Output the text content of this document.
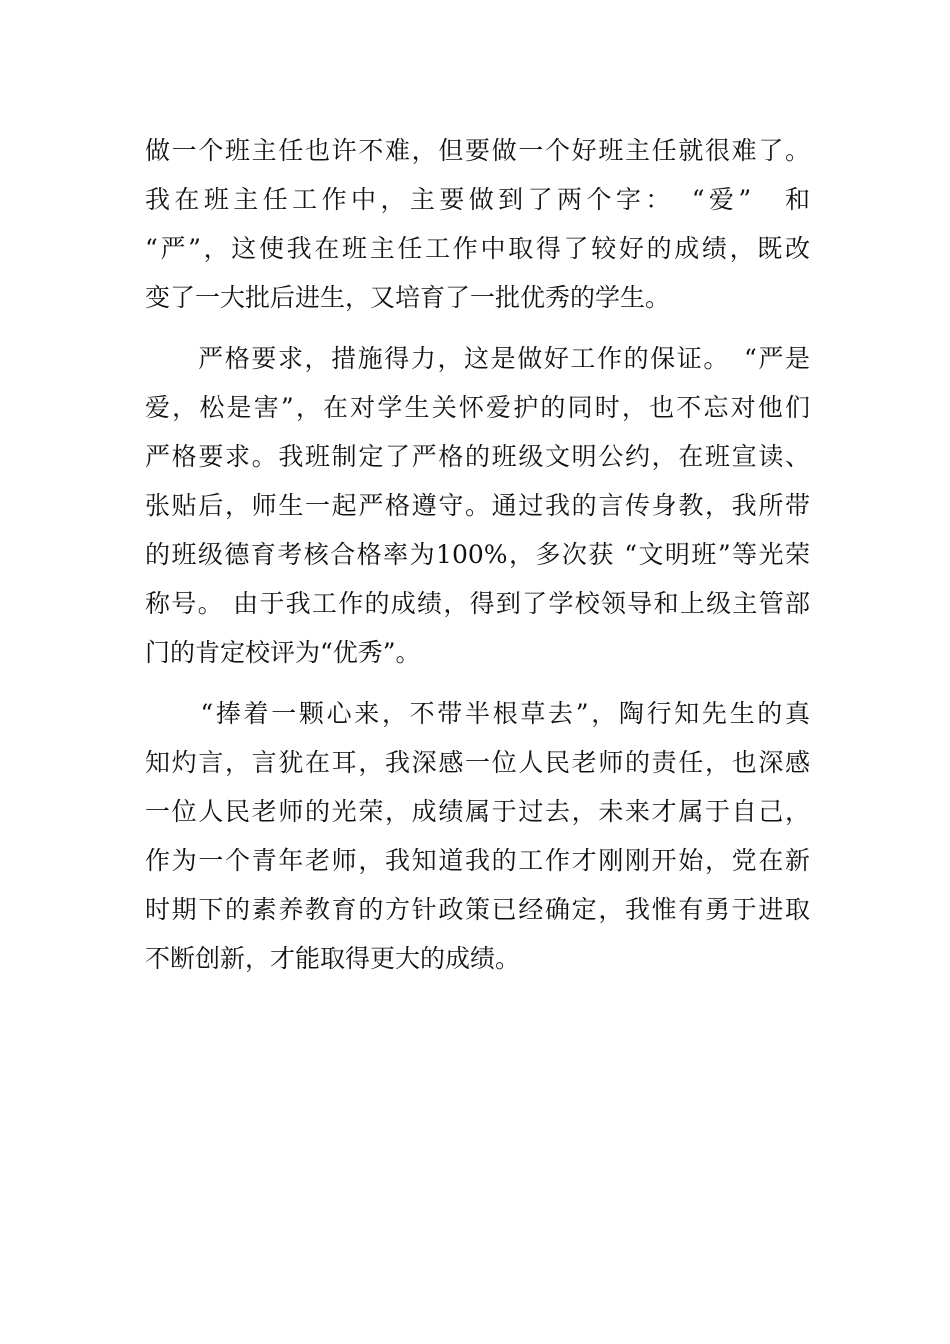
做一个班主任也许不难，但要做一个好班主任就很难了。
我在班主任工作中，主要做到了两个字：　“爱”　和
“严”，这使我在班主任工作中取得了较好的成绩，既改
变了一大批后进生，又培育了一批优秀的学生。
　　严格要求，措施得力，这是做好工作的保证。　“严是
爱，松是害”，在对学生关怀爱护的同时，也不忘对他们
严格要求。我班制定了严格的班级文明公约，在班宣读、
张贴后，师生一起严格遵守。通过我的言传身教，我所带
的班级德育考核合格率为100%，多次获 “文明班”等光荣
称号。 由于我工作的成绩，得到了学校领导和上级主管部
门的肯定校评为“优秀”。
　　“捧着一颗心来，不带半根草去”，陶行知先生的真
知灼言，言犹在耳，我深感一位人民老师的责任，也深感
一位人民老师的光荣，成绩属于过去，未来才属于自己，
作为一个青年老师，我知道我的工作才刚刚开始，党在新
时期下的素养教育的方针政策已经确定，我惟有勇于进取
不断创新，才能取得更大的成绩。
